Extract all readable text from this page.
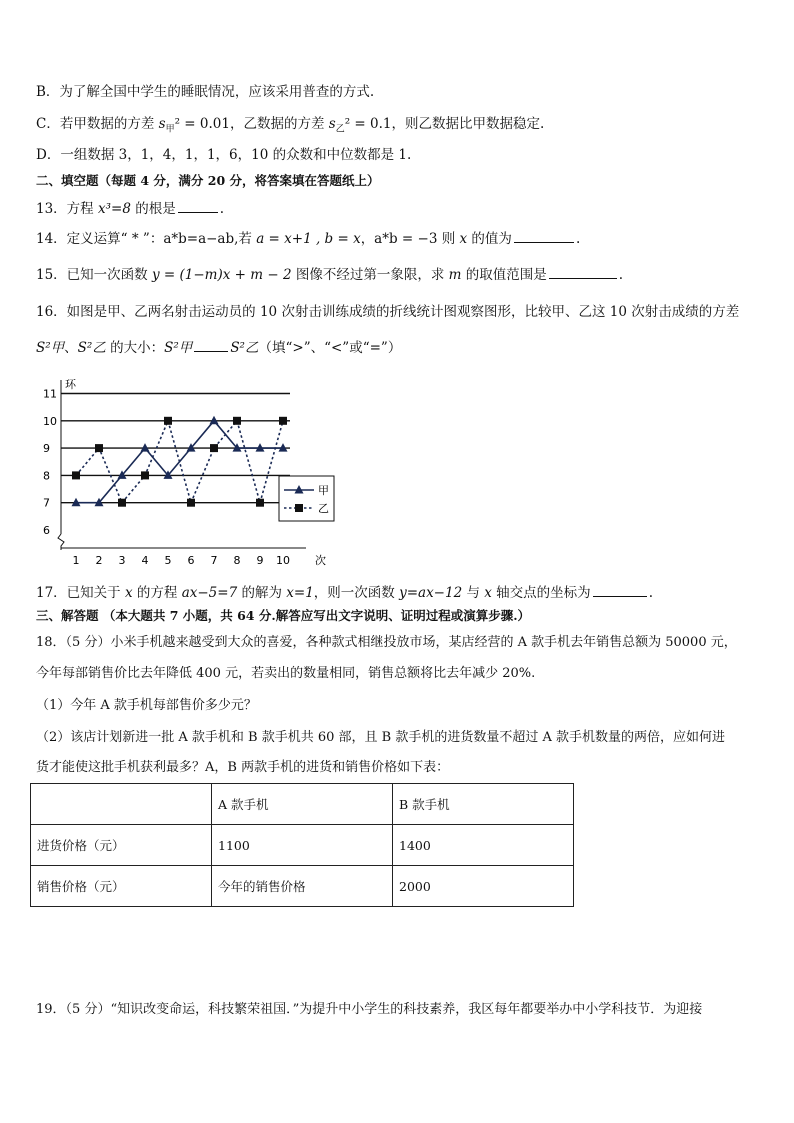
B．为了解全国中学生的睡眠情况，应该采用普查的方式.
C．若甲数据的方差 $s_甲^2 = 0.01$，乙数据的方差 $s_乙^2 = 0.1$，则乙数据比甲数据稳定.
D．一组数据 3，1，4，1，1，6，10 的众数和中位数都是 1.
二、填空题（每题 4 分，满分 20 分，将答案填在答题纸上）
13．方程 x³=8 的根是	.
14．定义运算“ * ”：a*b=a−ab,若 a = x+1 , b = x，a*b = −3 则 x 的值为	.
15．已知一次函数 y = (1−m)x + m − 2 图像不经过第一象限，求 m 的取值范围是	.
16．如图是甲、乙两名射击运动员的 10 次射击训练成绩的折线统计图观察图形，比较甲、乙这 10 次射击成绩的方差
S²甲、S²乙 的大小：S²甲	S²乙（填“>”、“<”或“=”）
环
6
7
8
9
10
11
1 2 3 4 5 6 7 8 9 10 次
甲
乙
17．已知关于 x 的方程 ax−5=7 的解为 x=1，则一次函数 y=ax−12 与 x 轴交点的坐标为	.
三、解答题 （本大题共 7 小题，共 64 分.解答应写出文字说明、证明过程或演算步骤.）
18．（5 分）小米手机越来越受到大众的喜爱，各种款式相继投放市场，某店经营的 A 款手机去年销售总额为 50000 元，
今年每部销售价比去年降低 400 元，若卖出的数量相同，销售总额将比去年减少 20%.
（1）今年 A 款手机每部售价多少元？
（2）该店计划新进一批 A 款手机和 B 款手机共 60 部，且 B 款手机的进货数量不超过 A 款手机数量的两倍，应如何进
货才能使这批手机获利最多？A，B 两款手机的进货和销售价格如下表：
	A 款手机	B 款手机
进货价格（元）	1100	1400
销售价格（元）	今年的销售价格	2000
19．（5 分）“知识改变命运，科技繁荣祖国．”为提升中小学生的科技素养，我区每年都要举办中小学科技节．为迎接
